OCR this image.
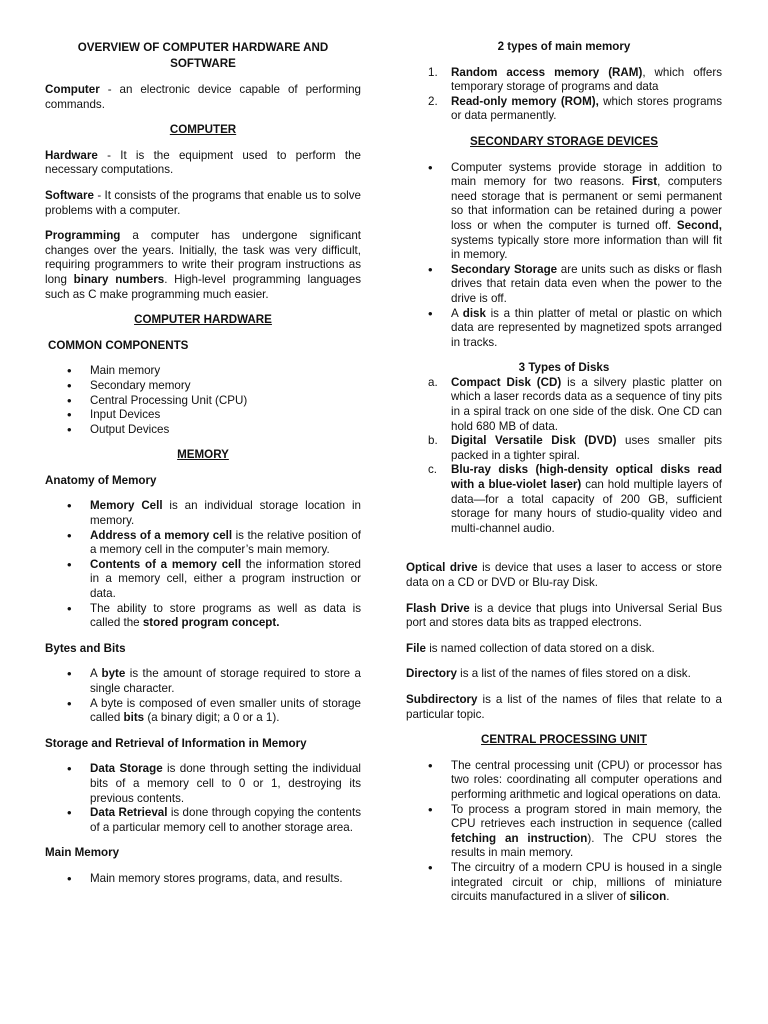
OVERVIEW OF COMPUTER HARDWARE AND SOFTWARE

Computer - an electronic device capable of performing commands.

COMPUTER

Hardware - It is the equipment used to perform the necessary computations.

Software - It consists of the programs that enable us to solve problems with a computer.

Programming a computer has undergone significant changes over the years. Initially, the task was very difficult, requiring programmers to write their program instructions as long binary numbers. High-level programming languages such as C make programming much easier.

COMPUTER HARDWARE

COMMON COMPONENTS

• Main memory
• Secondary memory
• Central Processing Unit (CPU)
• Input Devices
• Output Devices

MEMORY

Anatomy of Memory

• Memory Cell is an individual storage location in memory.
• Address of a memory cell is the relative position of a memory cell in the computer’s main memory.
• Contents of a memory cell the information stored in a memory cell, either a program instruction or data.
• The ability to store programs as well as data is called the stored program concept.

Bytes and Bits

• A byte is the amount of storage required to store a single character.
• A byte is composed of even smaller units of storage called bits (a binary digit; a 0 or a 1).

Storage and Retrieval of Information in Memory

• Data Storage is done through setting the individual bits of a memory cell to 0 or 1, destroying its previous contents.
• Data Retrieval is done through copying the contents of a particular memory cell to another storage area.

Main Memory

• Main memory stores programs, data, and results.

2 types of main memory

1. Random access memory (RAM), which offers temporary storage of programs and data
2. Read-only memory (ROM), which stores programs or data permanently.

SECONDARY STORAGE DEVICES

• Computer systems provide storage in addition to main memory for two reasons. First, computers need storage that is permanent or semi permanent so that information can be retained during a power loss or when the computer is turned off. Second, systems typically store more information than will fit in memory.
• Secondary Storage are units such as disks or flash drives that retain data even when the power to the drive is off.
• A disk is a thin platter of metal or plastic on which data are represented by magnetized spots arranged in tracks.

3 Types of Disks

a. Compact Disk (CD) is a silvery plastic platter on which a laser records data as a sequence of tiny pits in a spiral track on one side of the disk. One CD can hold 680 MB of data.
b. Digital Versatile Disk (DVD) uses smaller pits packed in a tighter spiral.
c. Blu-ray disks (high-density optical disks read with a blue-violet laser) can hold multiple layers of data—for a total capacity of 200 GB, sufficient storage for many hours of studio-quality video and multi-channel audio.

Optical drive is device that uses a laser to access or store data on a CD or DVD or Blu-ray Disk.

Flash Drive is a device that plugs into Universal Serial Bus port and stores data bits as trapped electrons.

File is named collection of data stored on a disk.

Directory is a list of the names of files stored on a disk.

Subdirectory is a list of the names of files that relate to a particular topic.

CENTRAL PROCESSING UNIT

• The central processing unit (CPU) or processor has two roles: coordinating all computer operations and performing arithmetic and logical operations on data.
• To process a program stored in main memory, the CPU retrieves each instruction in sequence (called fetching an instruction). The CPU stores the results in main memory.
• The circuitry of a modern CPU is housed in a single integrated circuit or chip, millions of miniature circuits manufactured in a sliver of silicon.
